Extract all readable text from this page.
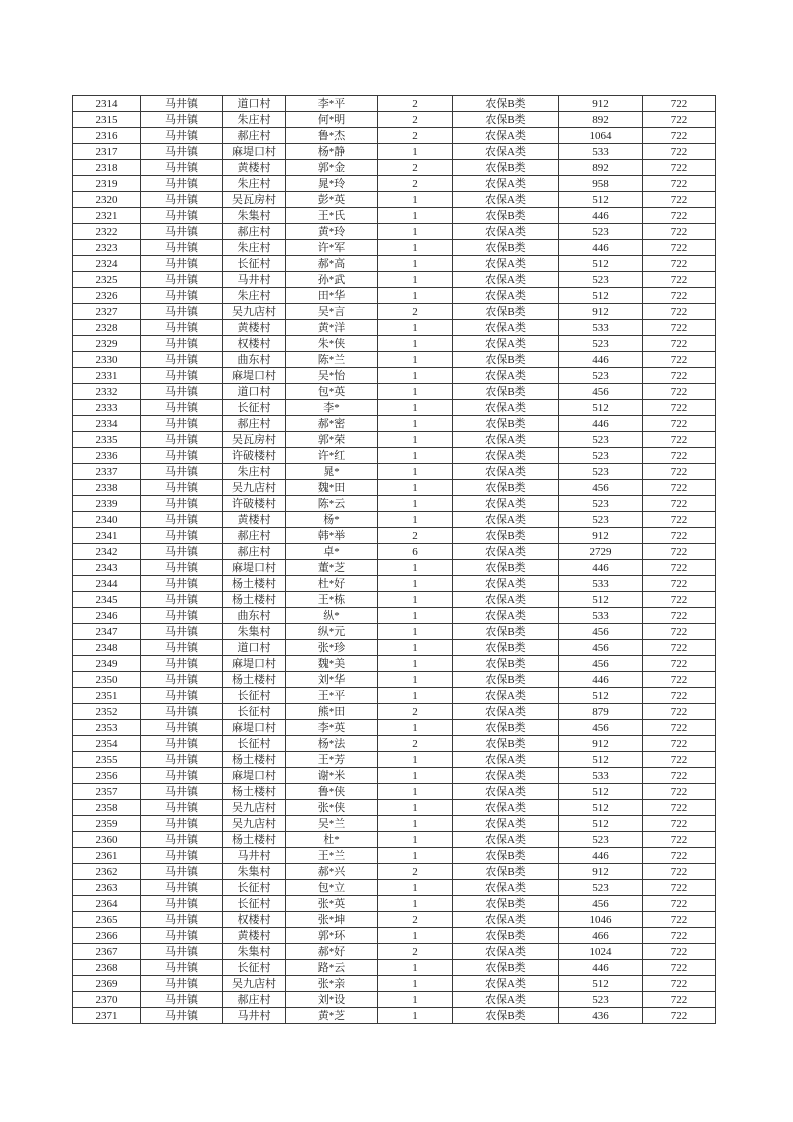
2314	马井镇	道口村	李*平	2	农保B类	912	722
2315	马井镇	朱庄村	何*明	2	农保B类	892	722
2316	马井镇	郝庄村	鲁*杰	2	农保A类	1064	722
2317	马井镇	麻堤口村	杨*静	1	农保A类	533	722
2318	马井镇	黄楼村	郭*金	2	农保B类	892	722
2319	马井镇	朱庄村	晁*玲	2	农保A类	958	722
2320	马井镇	吴瓦房村	彭*英	1	农保A类	512	722
2321	马井镇	朱集村	王*氏	1	农保B类	446	722
2322	马井镇	郝庄村	黄*玲	1	农保A类	523	722
2323	马井镇	朱庄村	许*军	1	农保B类	446	722
2324	马井镇	长征村	郝*高	1	农保A类	512	722
2325	马井镇	马井村	孙*武	1	农保A类	523	722
2326	马井镇	朱庄村	田*华	1	农保A类	512	722
2327	马井镇	吴九店村	吴*言	2	农保B类	912	722
2328	马井镇	黄楼村	黄*洋	1	农保A类	533	722
2329	马井镇	权楼村	朱*侠	1	农保A类	523	722
2330	马井镇	曲东村	陈*兰	1	农保B类	446	722
2331	马井镇	麻堤口村	吴*怡	1	农保A类	523	722
2332	马井镇	道口村	包*英	1	农保B类	456	722
2333	马井镇	长征村	李*	1	农保A类	512	722
2334	马井镇	郝庄村	郝*密	1	农保B类	446	722
2335	马井镇	吴瓦房村	郭*荣	1	农保A类	523	722
2336	马井镇	许破楼村	许*红	1	农保A类	523	722
2337	马井镇	朱庄村	晁*	1	农保A类	523	722
2338	马井镇	吴九店村	魏*田	1	农保B类	456	722
2339	马井镇	许破楼村	陈*云	1	农保A类	523	722
2340	马井镇	黄楼村	杨*	1	农保A类	523	722
2341	马井镇	郝庄村	韩*举	2	农保B类	912	722
2342	马井镇	郝庄村	卓*	6	农保A类	2729	722
2343	马井镇	麻堤口村	董*芝	1	农保B类	446	722
2344	马井镇	杨土楼村	杜*好	1	农保A类	533	722
2345	马井镇	杨土楼村	王*栋	1	农保A类	512	722
2346	马井镇	曲东村	纵*	1	农保A类	533	722
2347	马井镇	朱集村	纵*元	1	农保B类	456	722
2348	马井镇	道口村	张*珍	1	农保B类	456	722
2349	马井镇	麻堤口村	魏*美	1	农保B类	456	722
2350	马井镇	杨土楼村	刘*华	1	农保B类	446	722
2351	马井镇	长征村	王*平	1	农保A类	512	722
2352	马井镇	长征村	熊*田	2	农保A类	879	722
2353	马井镇	麻堤口村	李*英	1	农保B类	456	722
2354	马井镇	长征村	杨*法	2	农保B类	912	722
2355	马井镇	杨土楼村	王*芳	1	农保A类	512	722
2356	马井镇	麻堤口村	谢*米	1	农保A类	533	722
2357	马井镇	杨土楼村	鲁*侠	1	农保A类	512	722
2358	马井镇	吴九店村	张*侠	1	农保A类	512	722
2359	马井镇	吴九店村	吴*兰	1	农保A类	512	722
2360	马井镇	杨土楼村	杜*	1	农保A类	523	722
2361	马井镇	马井村	王*兰	1	农保B类	446	722
2362	马井镇	朱集村	郝*兴	2	农保B类	912	722
2363	马井镇	长征村	包*立	1	农保A类	523	722
2364	马井镇	长征村	张*英	1	农保B类	456	722
2365	马井镇	权楼村	张*坤	2	农保A类	1046	722
2366	马井镇	黄楼村	郭*环	1	农保B类	466	722
2367	马井镇	朱集村	郝*好	2	农保A类	1024	722
2368	马井镇	长征村	路*云	1	农保B类	446	722
2369	马井镇	吴九店村	张*亲	1	农保A类	512	722
2370	马井镇	郝庄村	刘*设	1	农保A类	523	722
2371	马井镇	马井村	黄*芝	1	农保B类	436	722
